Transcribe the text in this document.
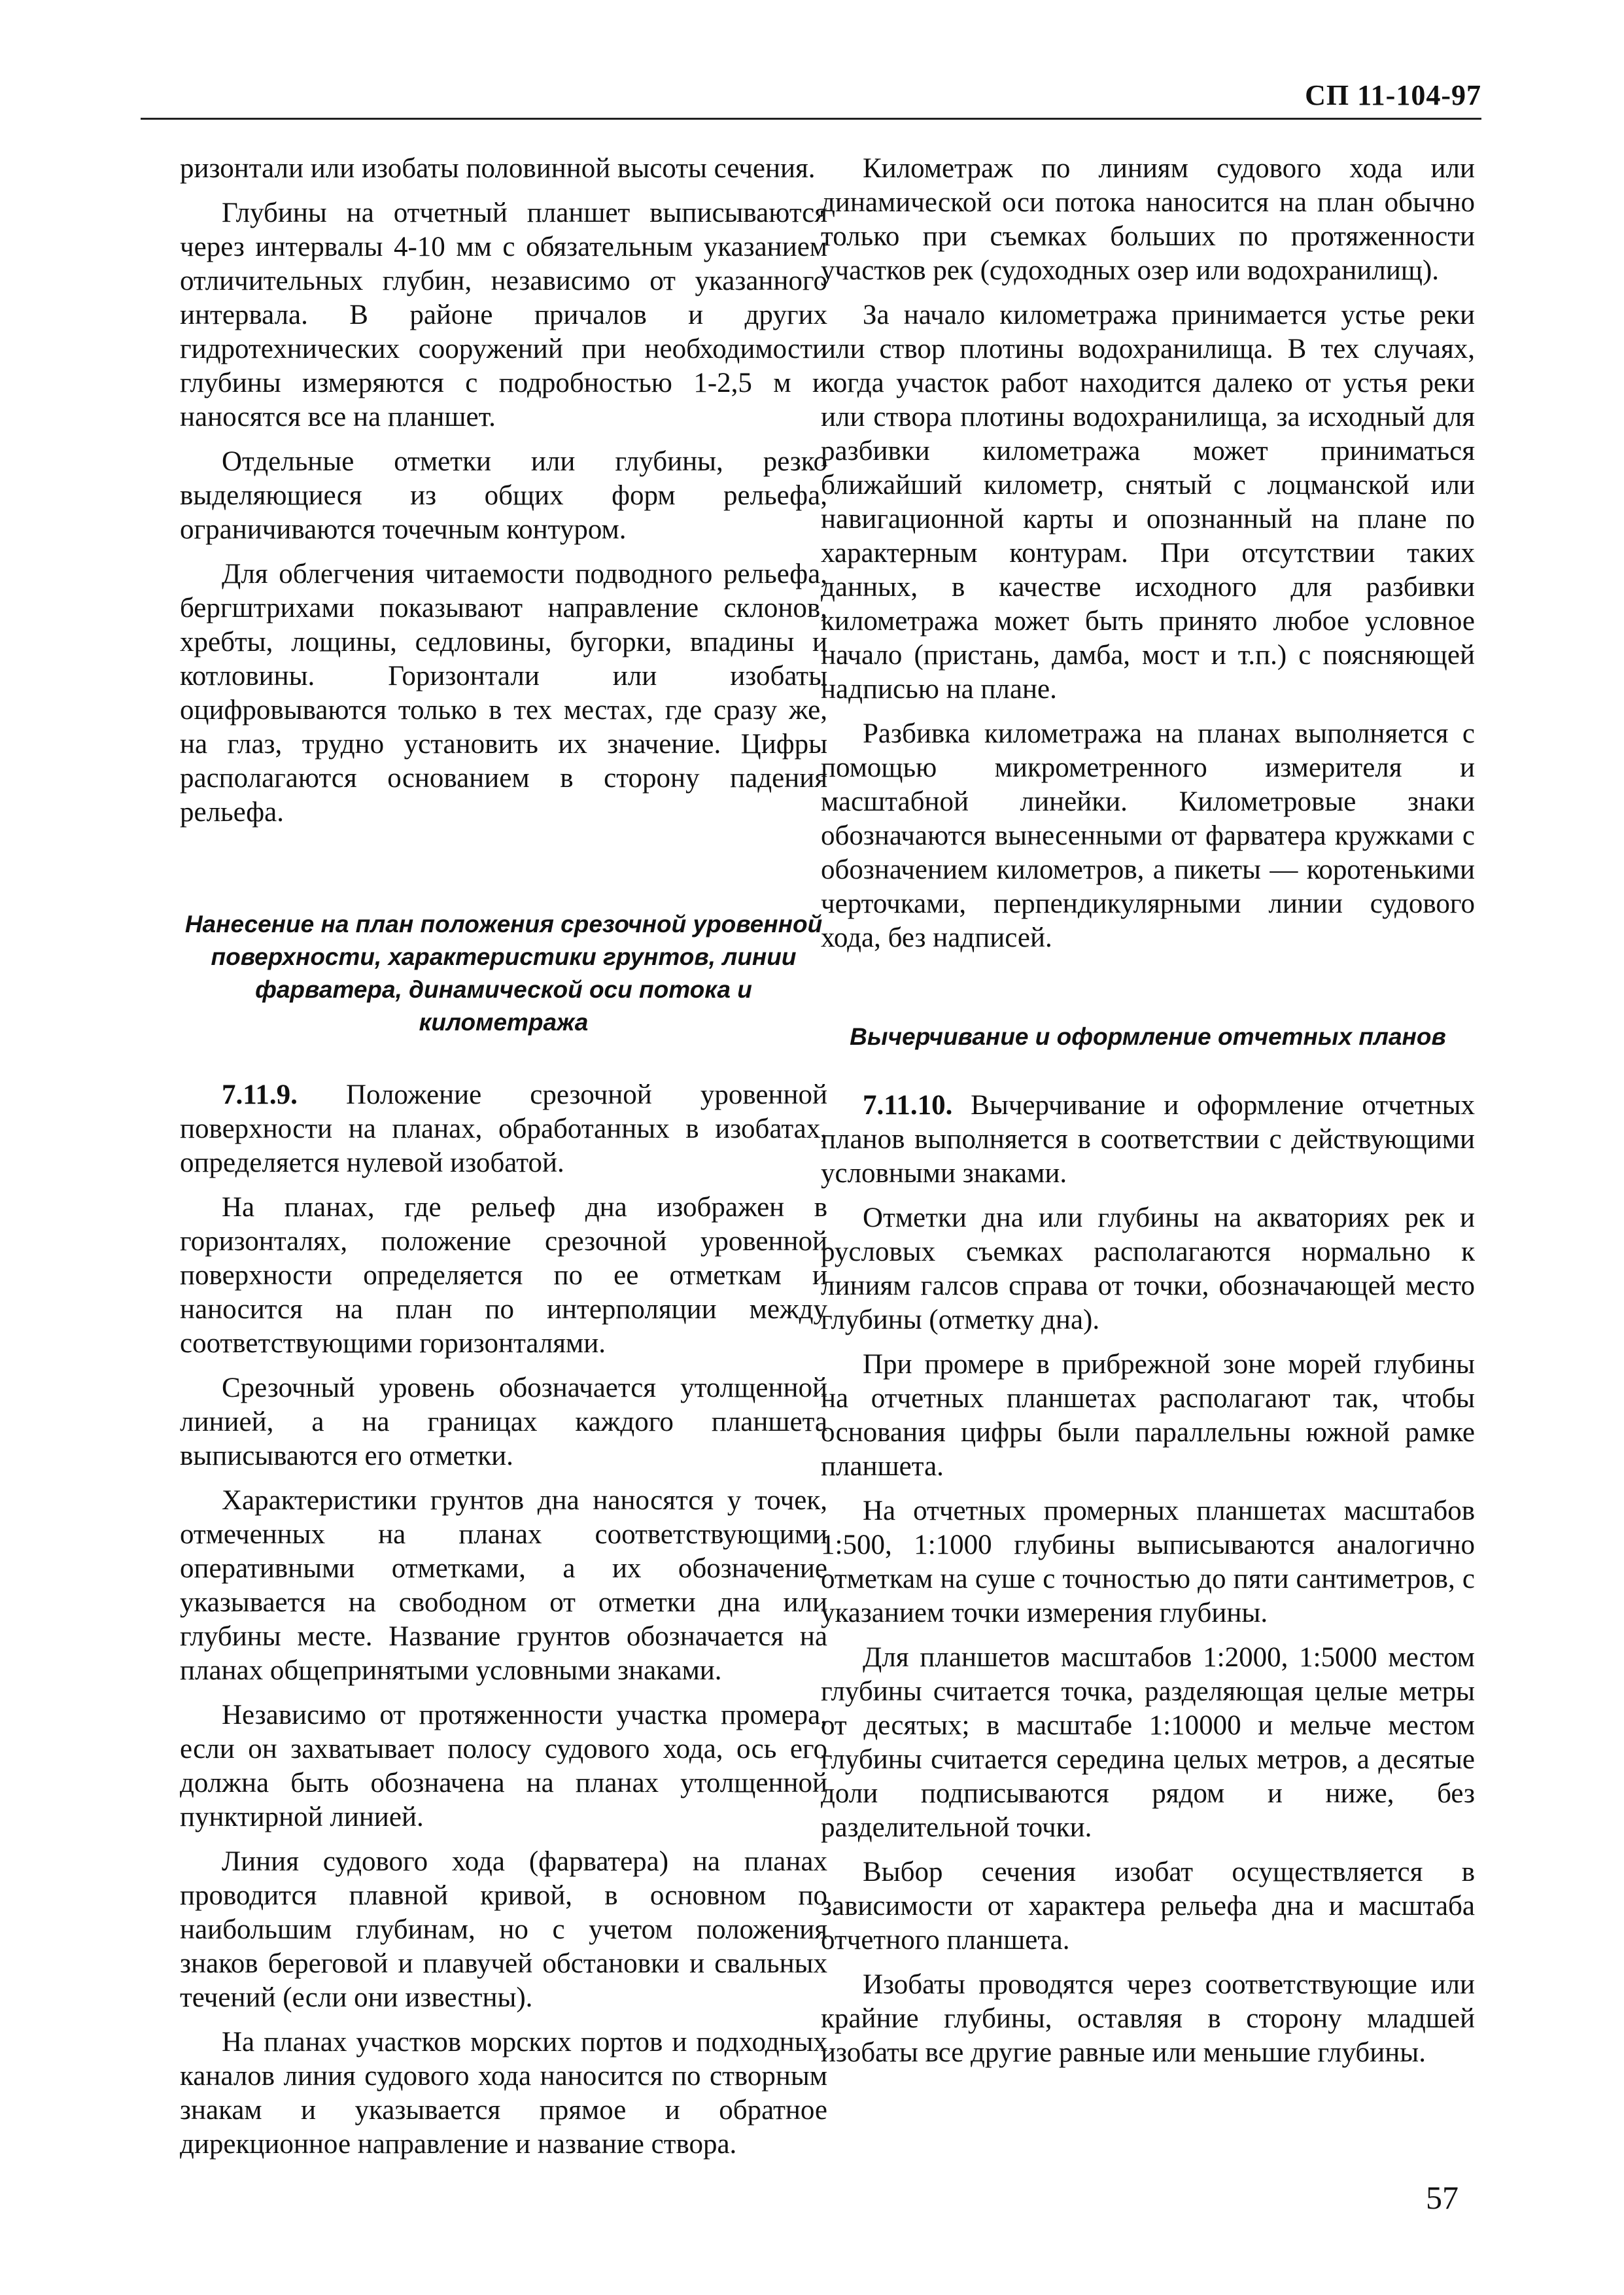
СП 11-104-97

ризонтали или изобаты половинной высоты сечения.

Глубины на отчетный планшет выписываются через интервалы 4-10 мм с обязательным указанием отличительных глубин, независимо от указанного интервала. В районе причалов и других гидротехнических сооружений при необходимости глубины измеряются с подробностью 1-2,5 м и наносятся все на планшет.

Отдельные отметки или глубины, резко выделяющиеся из общих форм рельефа, ограничиваются точечным контуром.

Для облегчения читаемости подводного рельефа, бергштрихами показывают направление склонов, хребты, лощины, седловины, бугорки, впадины и котловины. Горизонтали или изобаты оцифровываются только в тех местах, где сразу же, на глаз, трудно установить их значение. Цифры располагаются основанием в сторону падения рельефа.

Нанесение на план положения срезочной уровенной поверхности, характеристики грунтов, линии фарватера, динамической оси потока и километража

7.11.9. Положение срезочной уровенной поверхности на планах, обработанных в изобатах, определяется нулевой изобатой.

На планах, где рельеф дна изображен в горизонталях, положение срезочной уровенной поверхности определяется по ее отметкам и наносится на план по интерполяции между соответствующими горизонталями.

Срезочный уровень обозначается утолщенной линией, а на границах каждого планшета выписываются его отметки.

Характеристики грунтов дна наносятся у точек, отмеченных на планах соответствующими оперативными отметками, а их обозначение указывается на свободном от отметки дна или глубины месте. Название грунтов обозначается на планах общепринятыми условными знаками.

Независимо от протяженности участка промера, если он захватывает полосу судового хода, ось его должна быть обозначена на планах утолщенной пунктирной линией.

Линия судового хода (фарватера) на планах проводится плавной кривой, в основном по наибольшим глубинам, но с учетом положения знаков береговой и плавучей обстановки и свальных течений (если они известны).

На планах участков морских портов и подходных каналов линия судового хода наносится по створным знакам и указывается прямое и обратное дирекционное направление и название створа.

Километраж по линиям судового хода или динамической оси потока наносится на план обычно только при съемках больших по протяженности участков рек (судоходных озер или водохранилищ).

За начало километража принимается устье реки или створ плотины водохранилища. В тех случаях, когда участок работ находится далеко от устья реки или створа плотины водохранилища, за исходный для разбивки километража может приниматься ближайший километр, снятый с лоцманской или навигационной карты и опознанный на плане по характерным контурам. При отсутствии таких данных, в качестве исходного для разбивки километража может быть принято любое условное начало (пристань, дамба, мост и т.п.) с поясняющей надписью на плане.

Разбивка километража на планах выполняется с помощью микрометренного измерителя и масштабной линейки. Километровые знаки обозначаются вынесенными от фарватера кружками с обозначением километров, а пикеты — коротенькими черточками, перпендикулярными линии судового хода, без надписей.

Вычерчивание и оформление отчетных планов

7.11.10. Вычерчивание и оформление отчетных планов выполняется в соответствии с действующими условными знаками.

Отметки дна или глубины на акваториях рек и русловых съемках располагаются нормально к линиям галсов справа от точки, обозначающей место глубины (отметку дна).

При промере в прибрежной зоне морей глубины на отчетных планшетах располагают так, чтобы основания цифры были параллельны южной рамке планшета.

На отчетных промерных планшетах масштабов 1:500, 1:1000 глубины выписываются аналогично отметкам на суше с точностью до пяти сантиметров, с указанием точки измерения глубины.

Для планшетов масштабов 1:2000, 1:5000 местом глубины считается точка, разделяющая целые метры от десятых; в масштабе 1:10000 и мельче местом глубины считается середина целых метров, а десятые доли подписываются рядом и ниже, без разделительной точки.

Выбор сечения изобат осуществляется в зависимости от характера рельефа дна и масштаба отчетного планшета.

Изобаты проводятся через соответствующие или крайние глубины, оставляя в сторону младшей изобаты все другие равные или меньшие глубины.

57
